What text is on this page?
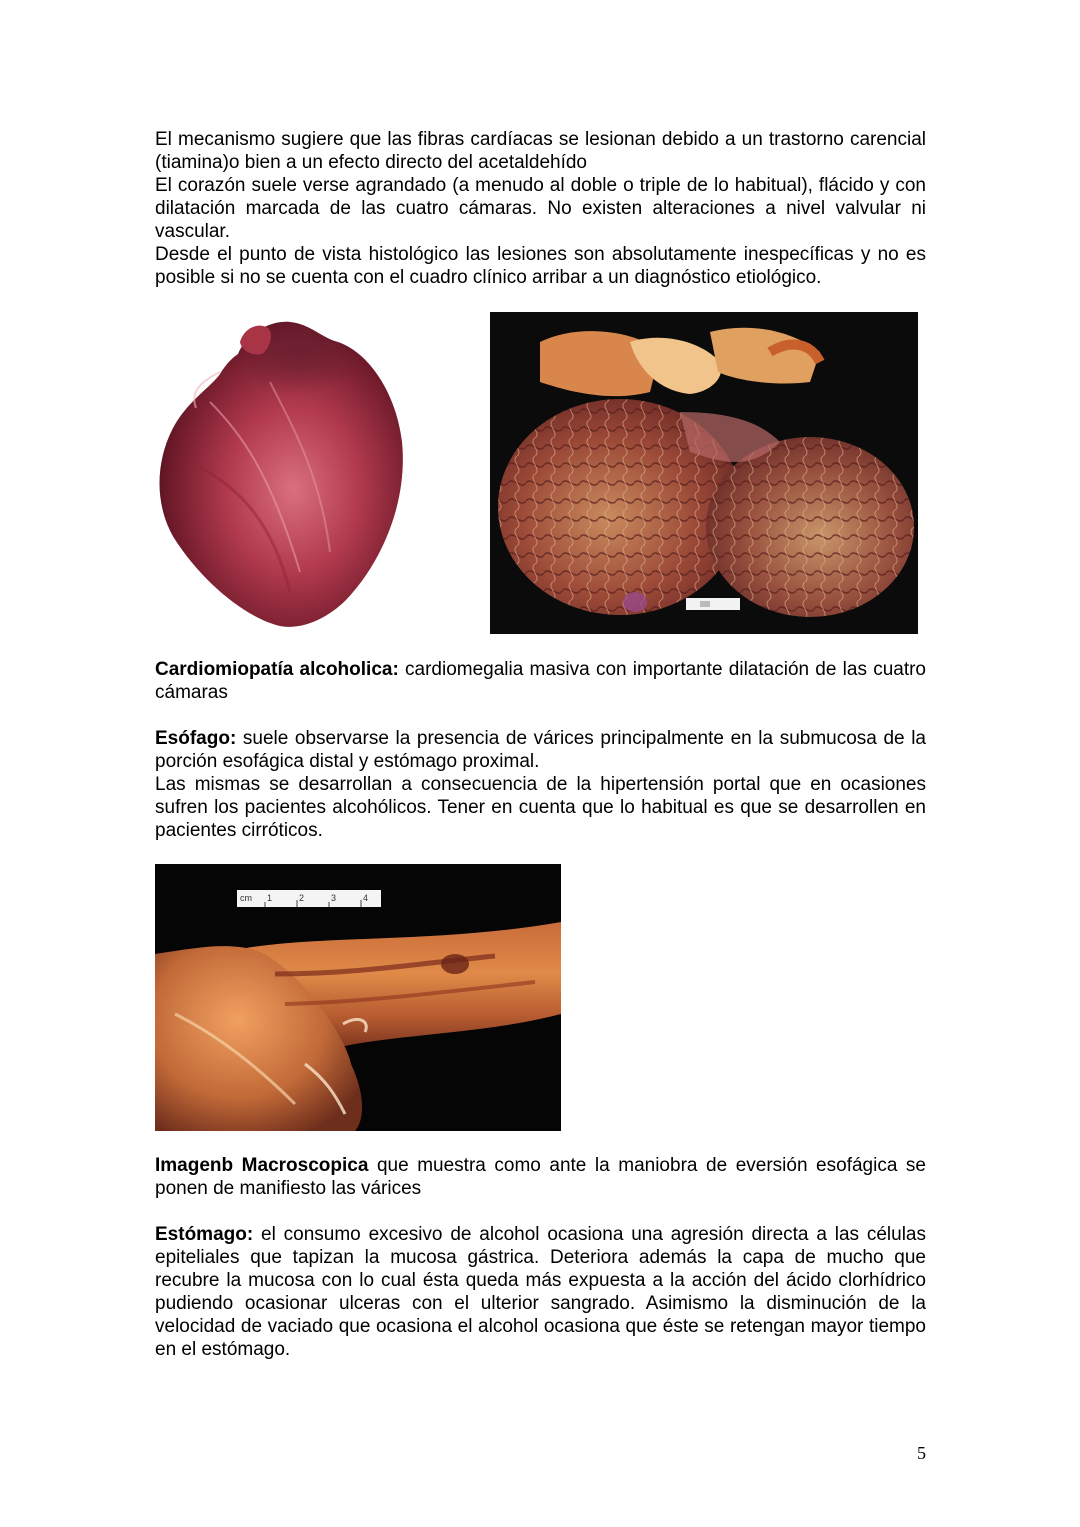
El mecanismo sugiere que las fibras cardíacas se lesionan debido a un trastorno carencial (tiamina)o bien a un efecto directo del acetaldehído
El corazón suele verse agrandado (a menudo al doble o triple de lo habitual), flácido y con dilatación marcada de las cuatro cámaras. No existen alteraciones a nivel valvular ni vascular.
Desde el punto de vista histológico las lesiones son absolutamente inespecíficas y no es posible si no se cuenta con el cuadro clínico arribar a un diagnóstico etiológico.
Cardiomiopatía alcoholica: cardiomegalia masiva con importante dilatación de las cuatro cámaras
Esófago: suele observarse la presencia de várices principalmente en la submucosa de la porción esofágica distal y estómago proximal.
Las mismas se desarrollan a consecuencia de la hipertensión portal que en ocasiones sufren los pacientes alcohólicos. Tener en cuenta que lo habitual es que se desarrollen en pacientes cirróticos.
cm 1	2	3	4
Imagenb Macroscopica que muestra como ante la maniobra de eversión esofágica se ponen de manifiesto las várices
Estómago: el consumo excesivo de alcohol ocasiona una agresión directa a las células epiteliales que tapizan la mucosa gástrica. Deteriora además la capa de mucho que recubre la mucosa con lo cual ésta queda más expuesta a la acción del ácido clorhídrico pudiendo ocasionar ulceras con el ulterior sangrado. Asimismo la disminución de la velocidad de vaciado que ocasiona el alcohol ocasiona que éste se retengan mayor tiempo en el estómago.
5
